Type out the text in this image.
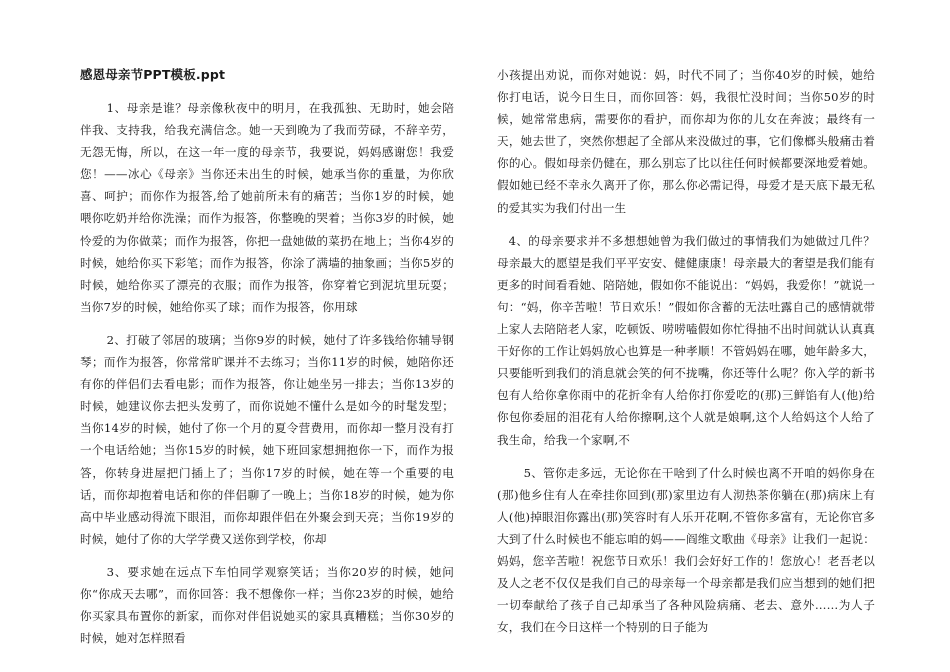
感恩母亲节PPT模板.ppt

1、母亲是谁？母亲像秋夜中的明月，在我孤独、无助时，她会陪伴我、支持我，给我充满信念。她一天到晚为了我而劳碌，不辞辛劳，无怨无悔，所以，在这一年一度的母亲节，我要说，妈妈感谢您！我爱您！——冰心《母亲》当你还未出生的时候，她承当你的重量，为你欣喜、呵护；而你作为报答,给了她前所未有的痛苦；当你1岁的时候，她喂你吃奶并给你洗澡；而作为报答，你整晚的哭着；当你3岁的时候，她怜爱的为你做菜；而作为报答，你把一盘她做的菜扔在地上；当你4岁的时候，她给你买下彩笔；而作为报答，你涂了满墙的抽象画；当你5岁的时候，她给你买了漂亮的衣服；而作为报答，你穿着它到泥坑里玩耍；当你7岁的时候，她给你买了球；而作为报答，你用球

2、打破了邻居的玻璃；当你9岁的时候，她付了许多钱给你辅导钢琴；而作为报答，你常常旷课并不去练习；当你11岁的时候，她陪你还有你的伴侣们去看电影；而作为报答，你让她坐另一排去；当你13岁的时候，她建议你去把头发剪了，而你说她不懂什么是如今的时髦发型；当你14岁的时候，她付了你一个月的夏令营费用，而你却一整月没有打一个电话给她；当你15岁的时候，她下班回家想拥抱你一下，而作为报答，你转身进屋把门插上了；当你17岁的时候，她在等一个重要的电话，而你却抱着电话和你的伴侣聊了一晚上；当你18岁的时候，她为你高中毕业感动得流下眼泪，而你却跟伴侣在外聚会到天亮；当你19岁的时候，她付了你的大学学费又送你到学校，你却

3、要求她在远点下车怕同学观察笑话；当你20岁的时候，她问你“你成天去哪”，而你回答：我不想像你一样；当你23岁的时候，她给你买家具布置你的新家，而你对伴侣说她买的家具真糟糕；当你30岁的时候，她对怎样照看

小孩提出劝说，而你对她说：妈，时代不同了；当你40岁的时候，她给你打电话，说今日生日，而你回答：妈，我很忙没时间；当你50岁的时候，她常常患病，需要你的看护，而你却为你的儿女在奔波；最终有一天，她去世了，突然你想起了全部从来没做过的事，它们像榔头般痛击着你的心。假如母亲仍健在，那么别忘了比以往任何时候都要深地爱着她。假如她已经不幸永久离开了你，那么你必需记得，母爱才是天底下最无私的爱其实为我们付出一生

4、的母亲要求并不多想想她曾为我们做过的事情我们为她做过几件？母亲最大的愿望是我们平平安安、健健康康！母亲最大的奢望是我们能有更多的时间看看她、陪陪她，假如你不能说出：“妈妈，我爱你！”就说一句：“妈，你辛苦啦！节日欢乐！”假如你含蓄的无法吐露自己的感情就带上家人去陪陪老人家，吃顿饭、唠唠嗑假如你忙得抽不出时间就认认真真干好你的工作让妈妈放心也算是一种孝顺！不管妈妈在哪，她年龄多大，只要能听到我们的消息就会笑的何不拢嘴，你还等什么呢？你入学的新书包有人给你拿你雨中的花折伞有人给你打你爱吃的(那)三鲜馅有人(他)给你包你委屈的泪花有人给你擦啊,这个人就是娘啊,这个人给妈这个人给了我生命，给我一个家啊,不

5、管你走多远，无论你在干啥到了什么时候也离不开咱的妈你身在(那)他乡住有人在牵挂你回到(那)家里边有人沏热茶你躺在(那)病床上有人(他)掉眼泪你露出(那)笑容时有人乐开花啊,不管你多富有，无论你官多大到了什么时候也不能忘咱的妈——阎维文歌曲《母亲》让我们一起说：妈妈，您辛苦啦！祝您节日欢乐！我们会好好工作的！您放心！老吾老以及人之老不仅仅是我们自己的母亲每一个母亲都是我们应当想到的她们把一切奉献给了孩子自己却承当了各种风险病痛、老去、意外……为人子女，我们在今日这样一个特别的日子能为
